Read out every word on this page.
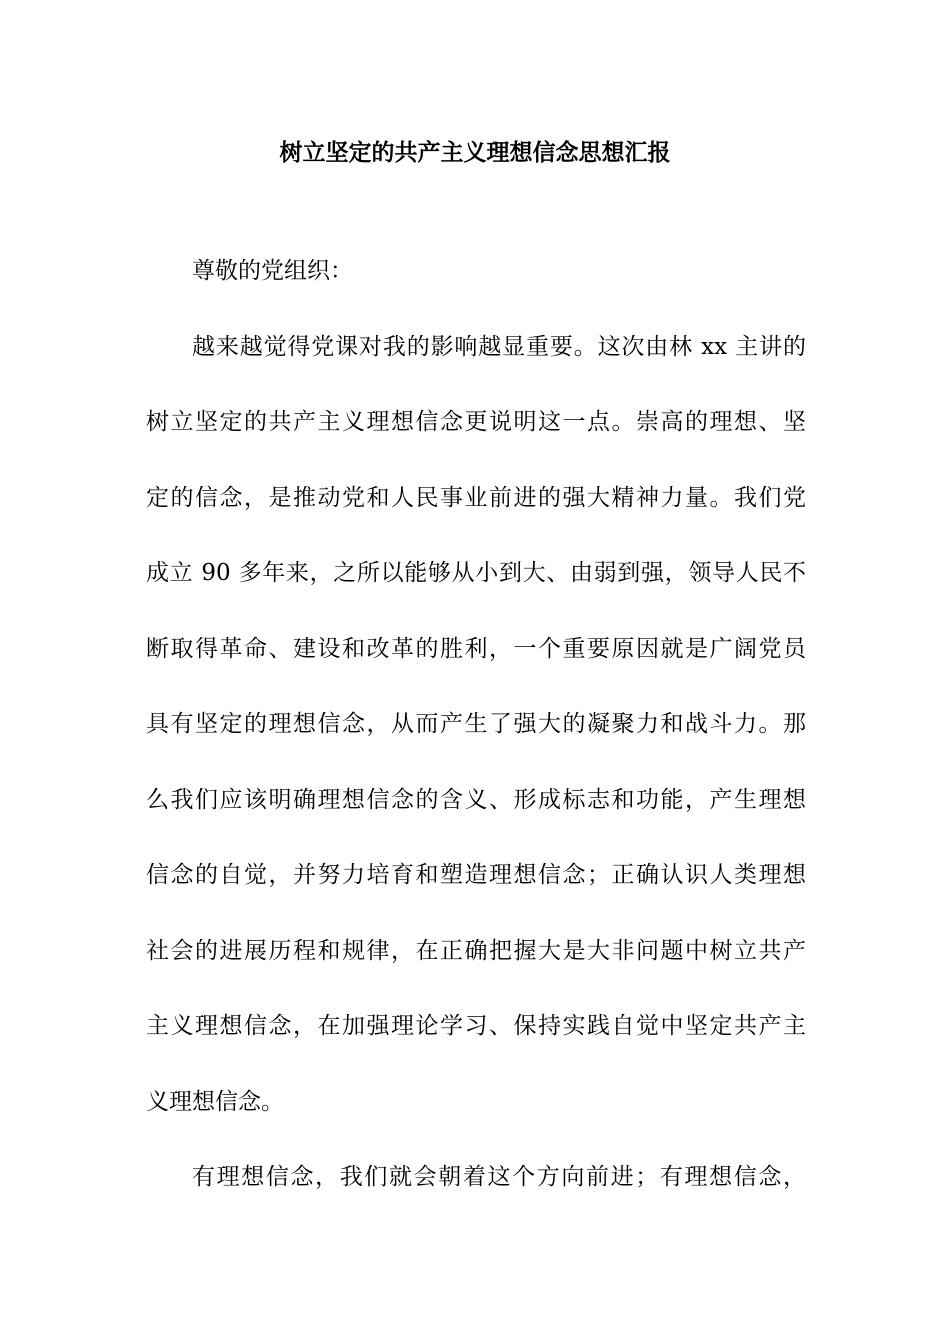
树立坚定的共产主义理想信念思想汇报
尊敬的党组织：
越来越觉得党课对我的影响越显重要。这次由林 xx 主讲的
树立坚定的共产主义理想信念更说明这一点。崇高的理想、坚
定的信念，是推动党和人民事业前进的强大精神力量。我们党
成立 90 多年来，之所以能够从小到大、由弱到强，领导人民不
断取得革命、建设和改革的胜利，一个重要原因就是广阔党员
具有坚定的理想信念，从而产生了强大的凝聚力和战斗力。那
么我们应该明确理想信念的含义、形成标志和功能，产生理想
信念的自觉，并努力培育和塑造理想信念；正确认识人类理想
社会的进展历程和规律，在正确把握大是大非问题中树立共产
主义理想信念，在加强理论学习、保持实践自觉中坚定共产主
义理想信念。
有理想信念，我们就会朝着这个方向前进；有理想信念，
